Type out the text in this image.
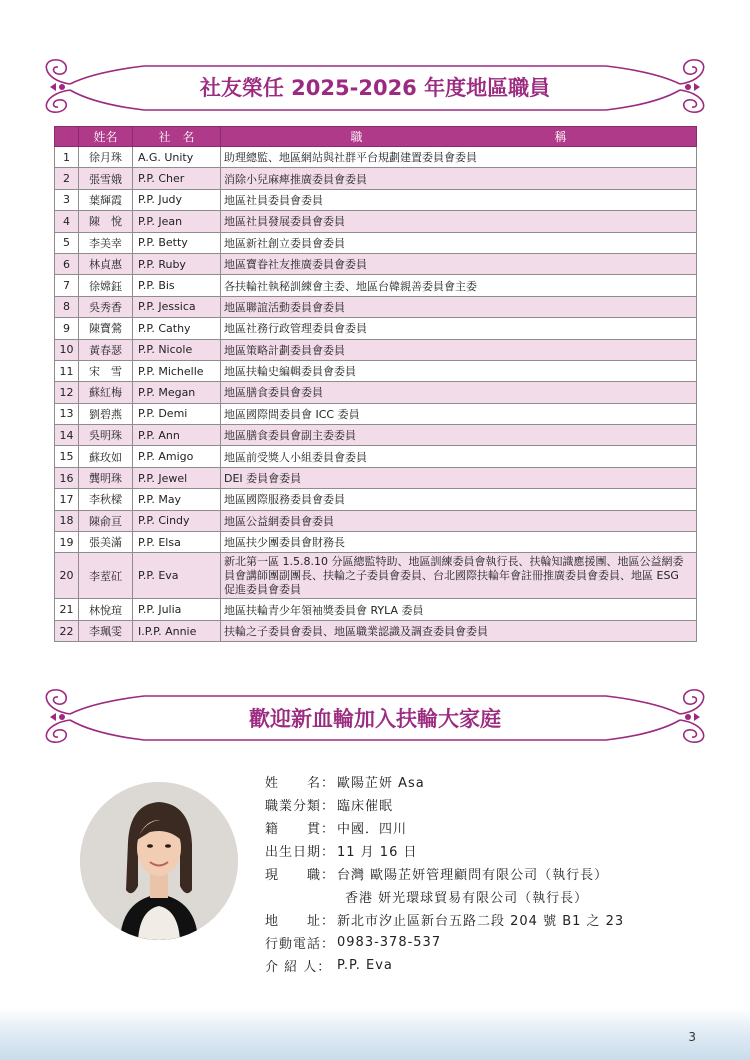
社友榮任 2025-2026 年度地區職員
	姓名	社　名	職　　　　　　　　　　　　　　　　稱
1	徐月珠	A.G. Unity	助理總監、地區網站與社群平台規劃建置委員會委員
2	張雪娥	P.P. Cher	消除小兒麻痺推廣委員會委員
3	葉輝霞	P.P. Judy	地區社員委員會委員
4	陳　悅	P.P. Jean	地區社員發展委員會委員
5	李美幸	P.P. Betty	地區新社創立委員會委員
6	林貞惠	P.P. Ruby	地區寶眷社友推廣委員會委員
7	徐嫦鈺	P.P. Bis	各扶輪社執秘訓練會主委、地區台韓親善委員會主委
8	吳秀香	P.P. Jessica	地區聯誼活動委員會委員
9	陳寶鶯	P.P. Cathy	地區社務行政管理委員會委員
10	黃春瑟	P.P. Nicole	地區策略計劃委員會委員
11	宋　雪	P.P. Michelle	地區扶輪史編輯委員會委員
12	蘇紅梅	P.P. Megan	地區膳食委員會委員
13	劉碧燕	P.P. Demi	地區國際間委員會 ICC 委員
14	吳明珠	P.P. Ann	地區膳食委員會副主委委員
15	蘇玫如	P.P. Amigo	地區前受獎人小組委員會委員
16	龔明珠	P.P. Jewel	DEI 委員會委員
17	李秋樑	P.P. May	地區國際服務委員會委員
18	陳俞亘	P.P. Cindy	地區公益網委員會委員
19	張美滿	P.P. Elsa	地區扶少團委員會財務長
20	李荎矼	P.P. Eva	新北第一區 1.5.8.10 分區總監特助、地區訓練委員會執行長、扶輪知識應援團、地區公益網委員會講師團副團長、扶輪之子委員會委員、台北國際扶輪年會註冊推廣委員會委員、地區 ESG 促進委員會委員
21	林悅瑄	P.P. Julia	地區扶輪青少年領袖獎委員會 RYLA 委員
22	李珮雯	I.P.P. Annie	扶輪之子委員會委員、地區職業認識及調查委員會委員
歡迎新血輪加入扶輪大家庭
姓　　名： 歐陽芷妍 Asa
職業分類： 臨床催眠
籍　　貫： 中國．四川
出生日期： 11 月 16 日
現　　職： 台灣 歐陽芷妍管理顧問有限公司（執行長）
香港 妍光環球貿易有限公司（執行長）
地　　址： 新北市汐止區新台五路二段 204 號 B1 之 23
行動電話： 0983-378-537
介 紹 人： P.P. Eva
3
